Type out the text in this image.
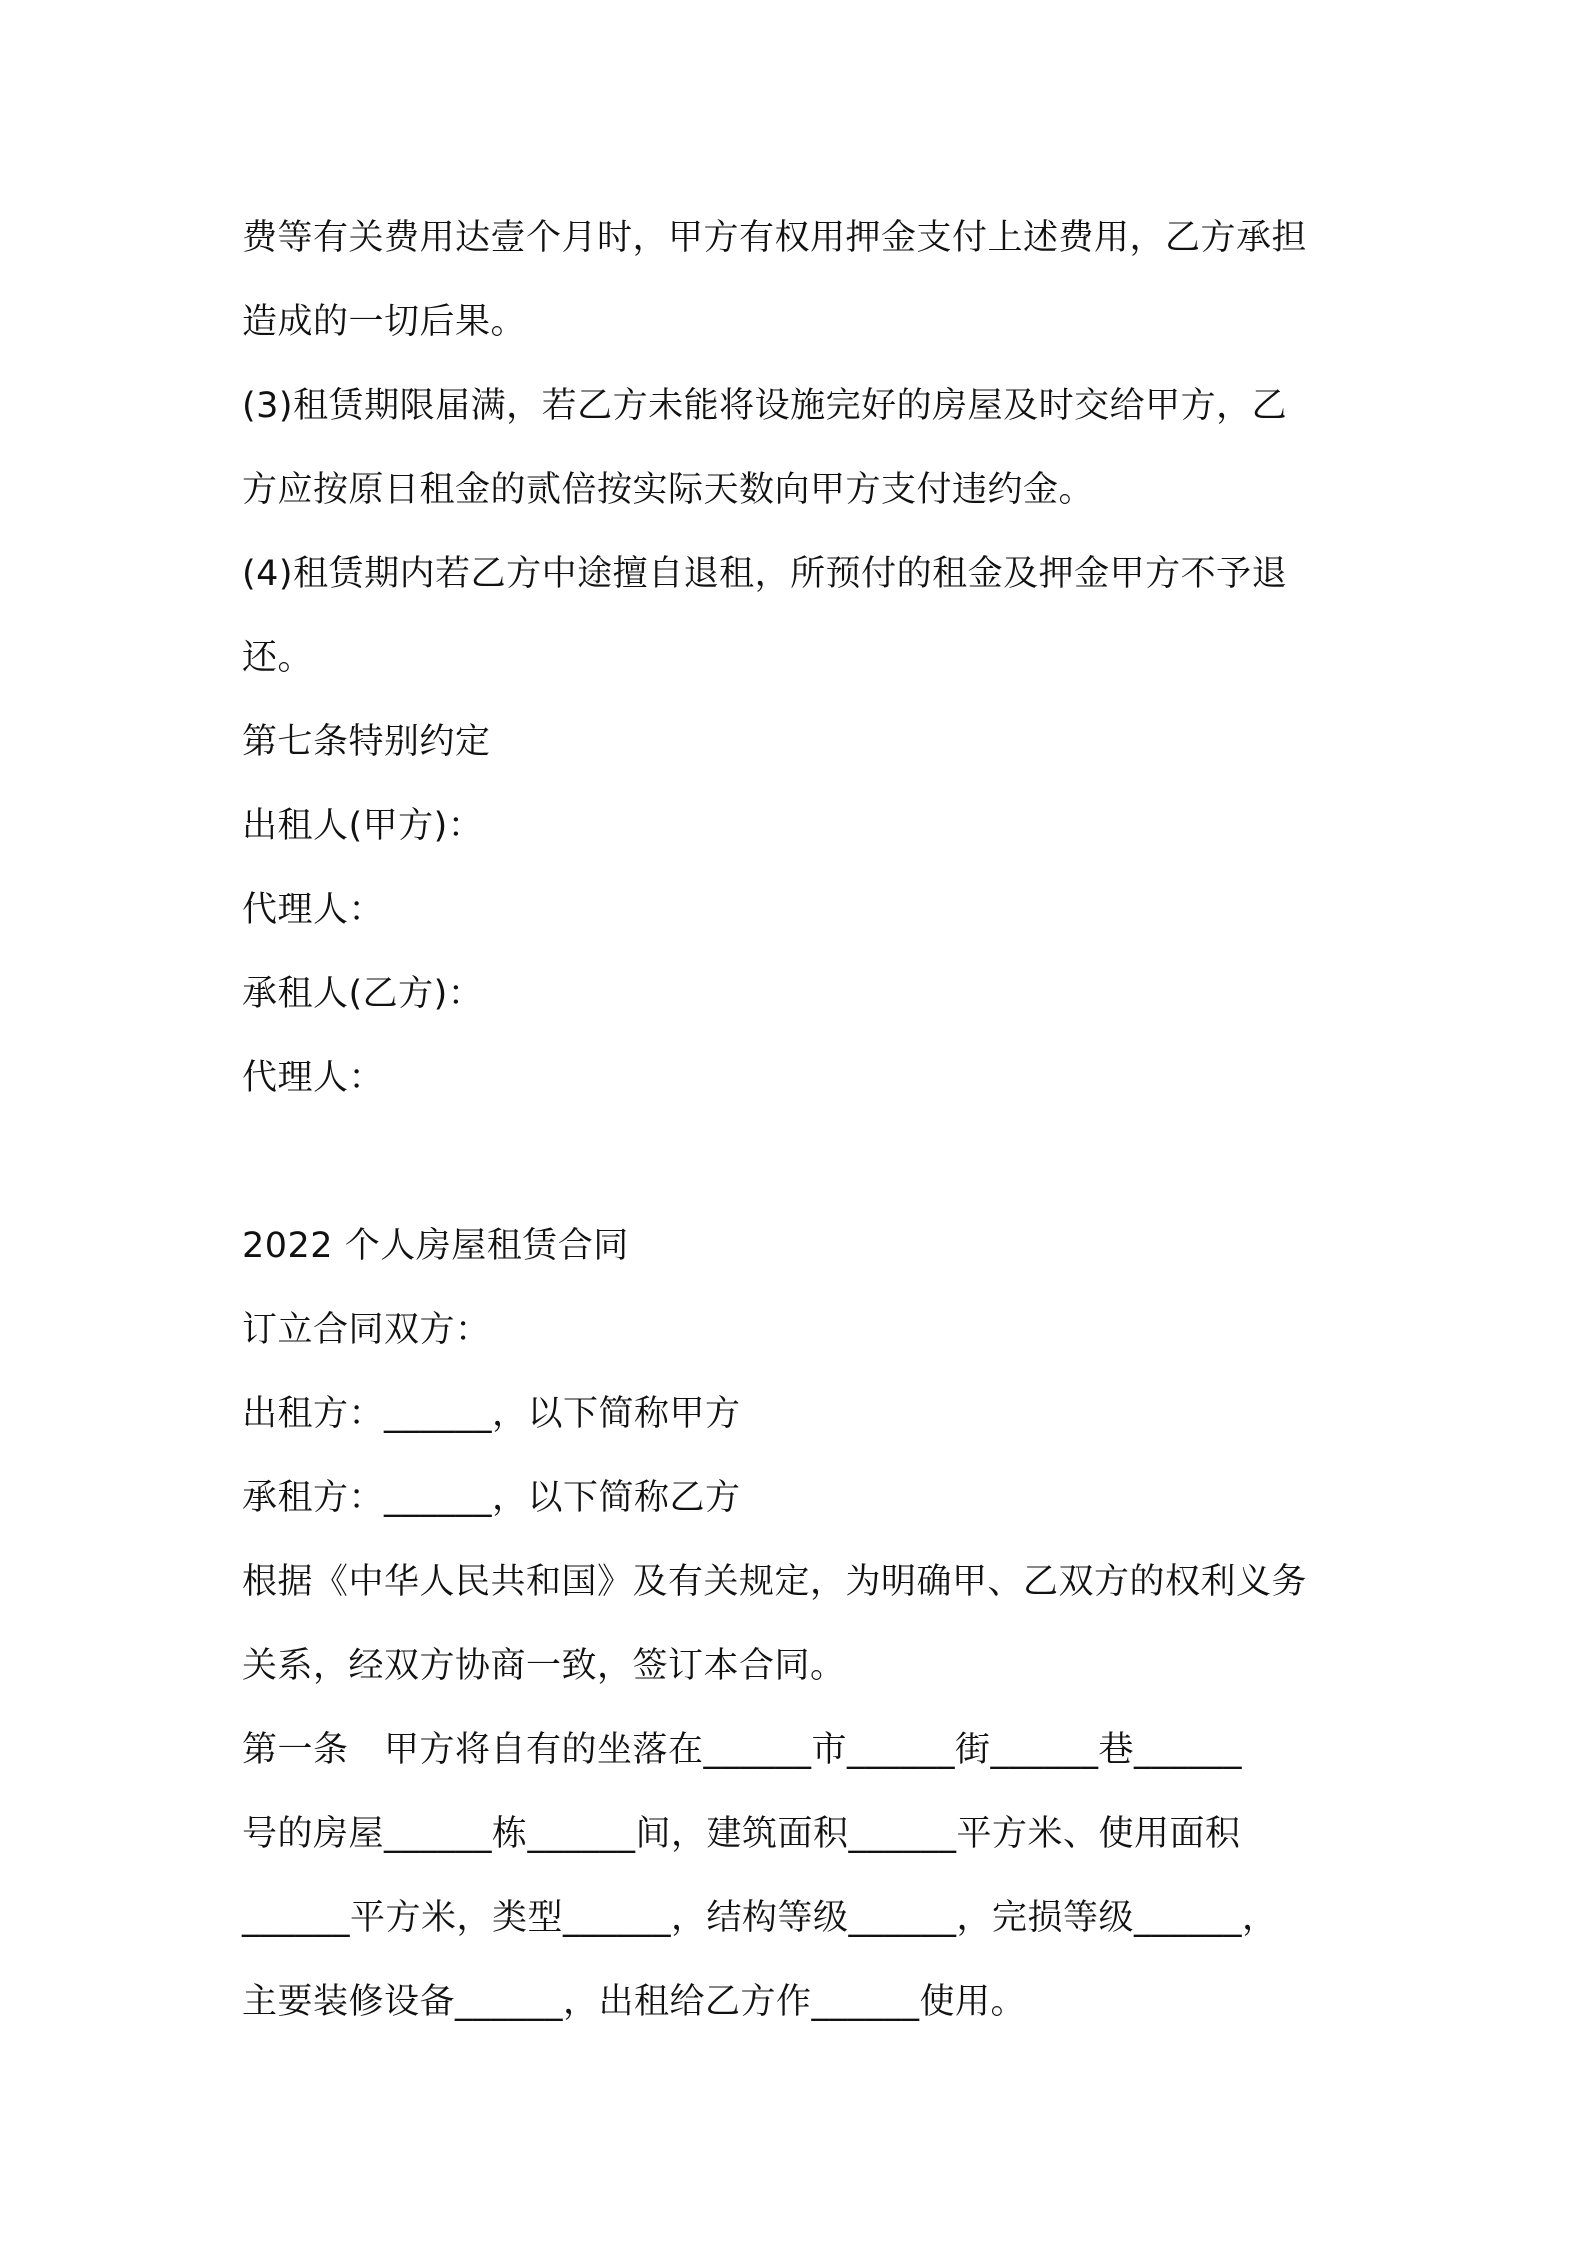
费等有关费用达壹个月时，甲方有权用押金支付上述费用，乙方承担
造成的一切后果。
(3)租赁期限届满，若乙方未能将设施完好的房屋及时交给甲方，乙
方应按原日租金的贰倍按实际天数向甲方支付违约金。
(4)租赁期内若乙方中途擅自退租，所预付的租金及押金甲方不予退
还。
第七条特别约定
出租人(甲方)：
代理人：
承租人(乙方)：
代理人：
2022 个人房屋租赁合同
订立合同双方：
出租方：______，以下简称甲方
承租方：______，以下简称乙方
根据《中华人民共和国》及有关规定，为明确甲、乙双方的权利义务
关系，经双方协商一致，签订本合同。
第一条　甲方将自有的坐落在______市______街______巷______
号的房屋______栋______间，建筑面积______平方米、使用面积
______平方米，类型______，结构等级______，完损等级______，
主要装修设备______，出租给乙方作______使用。
